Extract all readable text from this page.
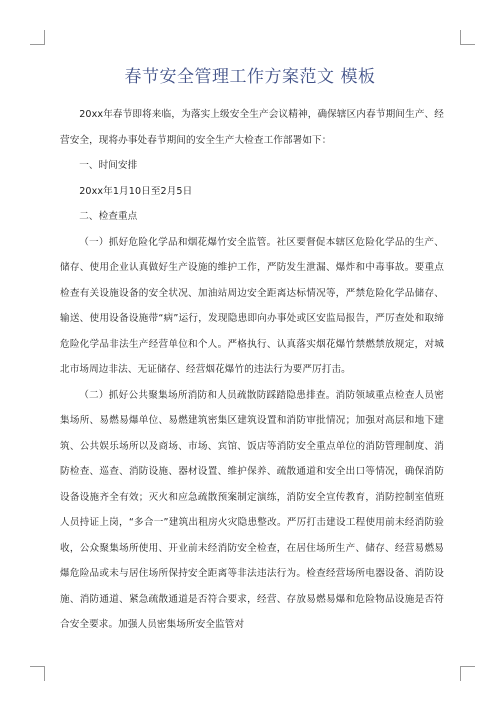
春节安全管理工作方案范文 模板

20xx年春节即将来临，为落实上级安全生产会议精神，确保辖区内春节期间生产、经营安全，现将办事处春节期间的安全生产大检查工作部署如下：

一、时间安排

20xx年1月10日至2月5日

二、检查重点

（一）抓好危险化学品和烟花爆竹安全监管。社区要督促本辖区危险化学品的生产、储存、使用企业认真做好生产设施的维护工作，严防发生泄漏、爆炸和中毒事故。要重点检查有关设施设备的安全状况、加油站周边安全距离达标情况等，严禁危险化学品储存、输送、使用设备设施带“病”运行，发现隐患即向办事处或区安监局报告，严厉查处和取缔危险化学品非法生产经营单位和个人。严格执行、认真落实烟花爆竹禁燃禁放规定，对城北市场周边非法、无证储存、经营烟花爆竹的违法行为要严厉打击。

（二）抓好公共聚集场所消防和人员疏散防踩踏隐患排查。消防领域重点检查人员密集场所、易燃易爆单位、易燃建筑密集区建筑设置和消防审批情况；加强对高层和地下建筑、公共娱乐场所以及商场、市场、宾馆、饭店等消防安全重点单位的消防管理制度、消防检查、巡查、消防设施、器材设置、维护保养、疏散通道和安全出口等情况，确保消防设备设施齐全有效；灭火和应急疏散预案制定演练，消防安全宣传教育，消防控制室值班人员持证上岗，“多合一”建筑出租房火灾隐患整改。严厉打击建设工程使用前未经消防验收，公众聚集场所使用、开业前未经消防安全检查，在居住场所生产、储存、经营易燃易爆危险品或未与居住场所保持安全距离等非法违法行为。检查经营场所电器设备、消防设施、消防通道、紧急疏散通道是否符合要求，经营、存放易燃易爆和危险物品设施是否符合安全要求。加强人员密集场所安全监管对
